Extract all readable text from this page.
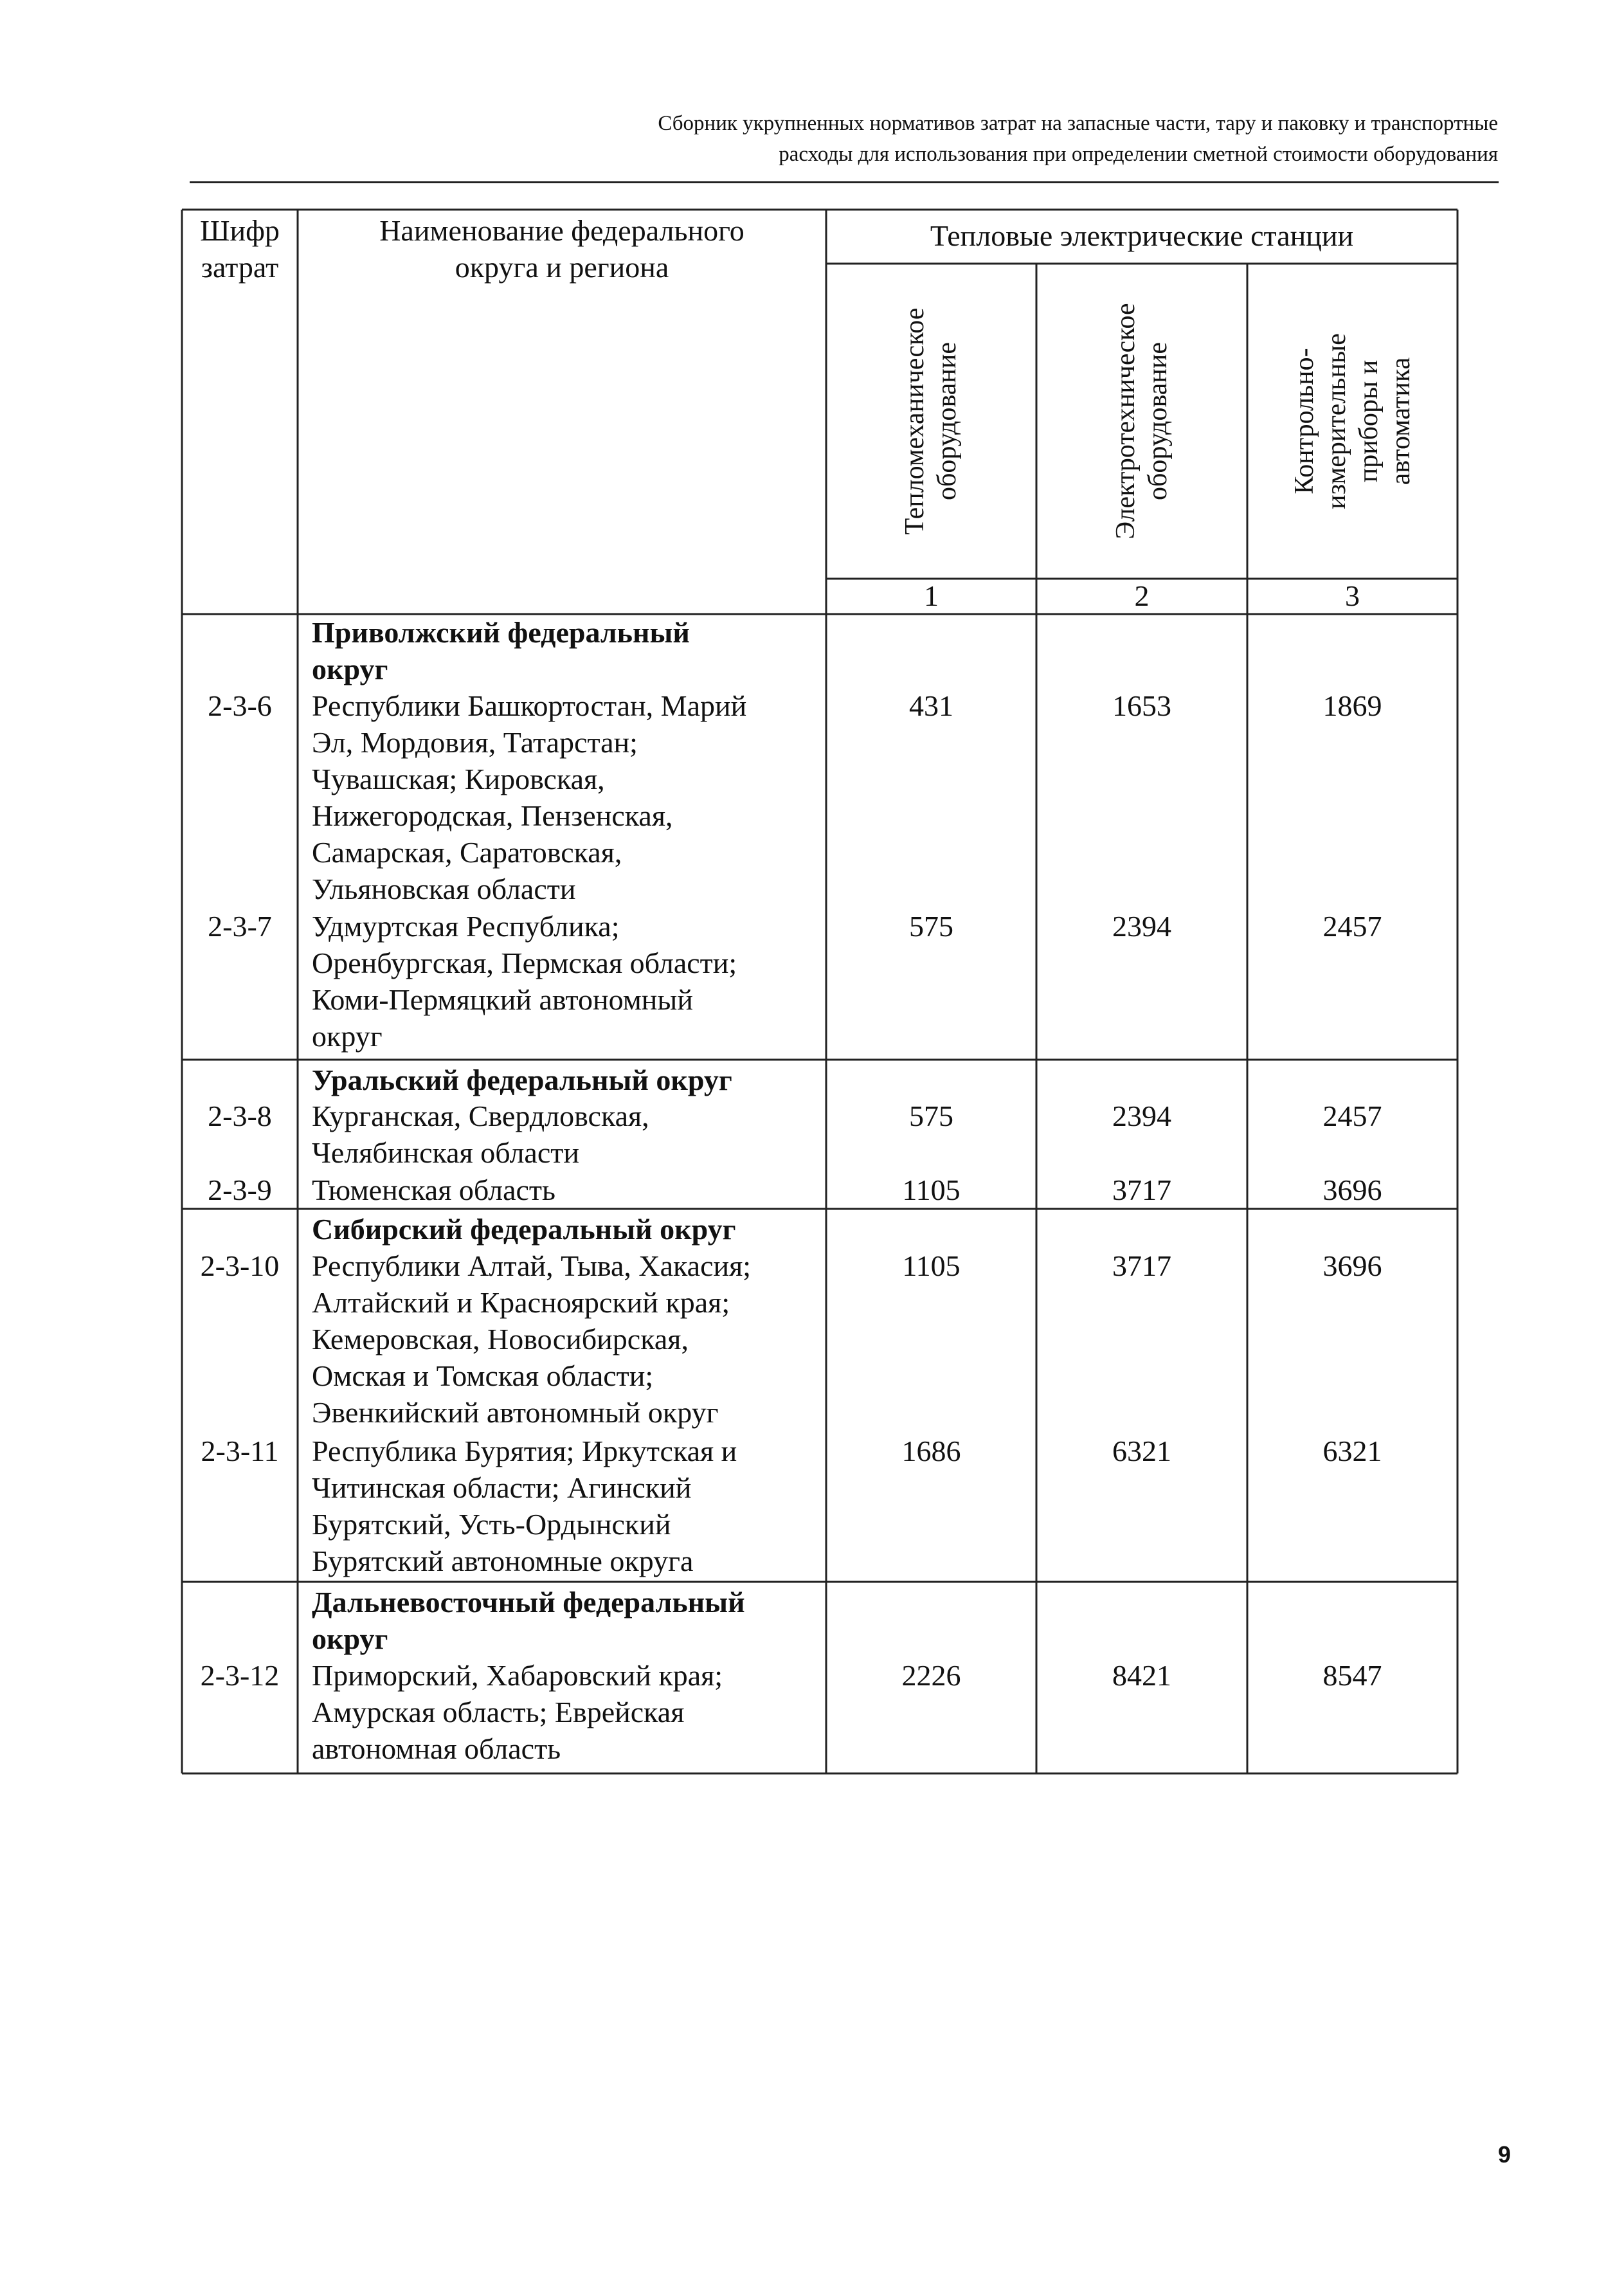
Сборник укрупненных нормативов затрат на запасные части, тару и паковку и транспортные
расходы для использования при определении сметной стоимости оборудования
Шифр
затрат
Наименование федерального
округа и региона
Тепловые электрические станции
Тепломеханическое оборудование	Электротехническое оборудование	Контрольно- измерительные приборы и автоматика
1	2	3
Приволжский федеральный
округ
2-3-6	Республики Башкортостан, Марий
Эл, Мордовия, Татарстан;
Чувашская; Кировская,
Нижегородская, Пензенская,
Самарская, Саратовская,
Ульяновская области
431	1653	1869
2-3-7	Удмуртская Республика;
Оренбургская, Пермская области;
Коми-Пермяцкий автономный
округ
575	2394	2457
Уральский федеральный округ
2-3-8	Курганская, Свердловская,
Челябинская области
575	2394	2457
2-3-9	Тюменская область	1105	3717	3696
Сибирский федеральный округ
2-3-10	Республики Алтай, Тыва, Хакасия;
Алтайский и Красноярский края;
Кемеровская, Новосибирская,
Омская и Томская области;
Эвенкийский автономный округ
1105	3717	3696
2-3-11	Республика Бурятия; Иркутская и
Читинская области; Агинский
Бурятский, Усть-Ордынский
Бурятский автономные округа
1686	6321	6321
Дальневосточный федеральный
округ
2-3-12	Приморский, Хабаровский края;
Амурская область; Еврейская
автономная область
2226	8421	8547
9
